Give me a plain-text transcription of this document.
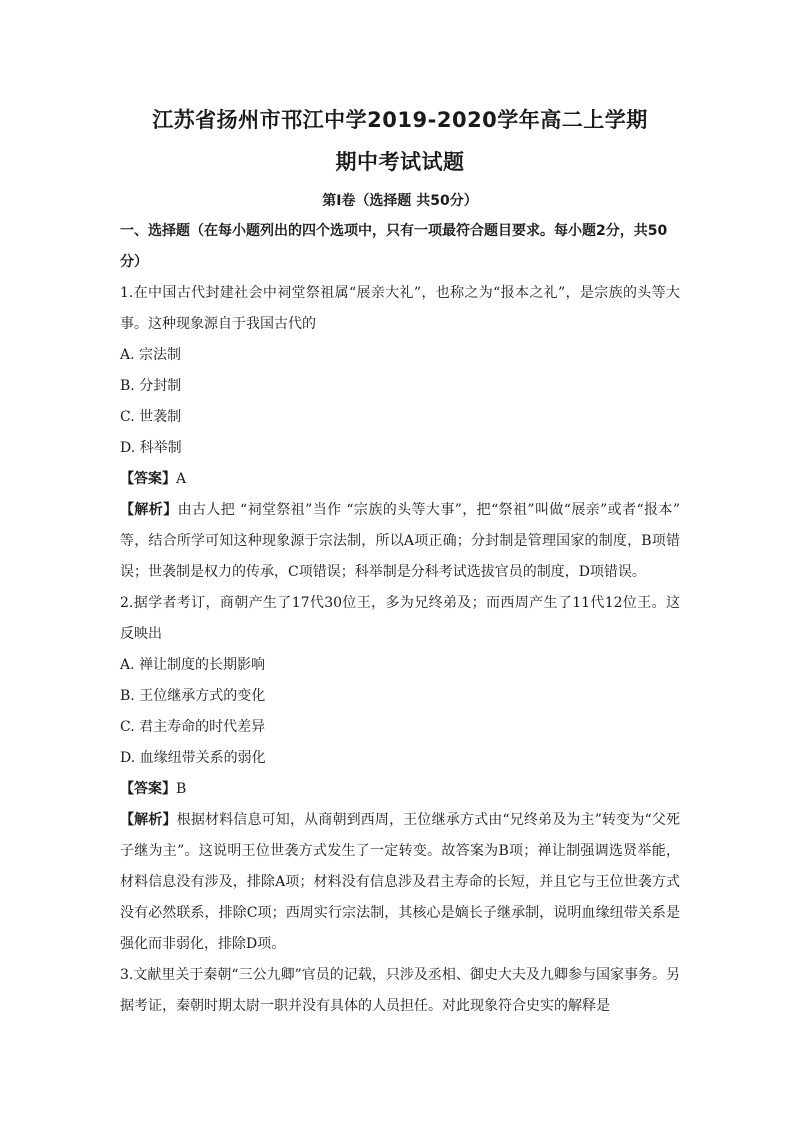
江苏省扬州市邗江中学2019-2020学年高二上学期
期中考试试题
第Ⅰ卷（选择题 共50分）
一、选择题（在每小题列出的四个选项中，只有一项最符合题目要求。每小题2分，共50分）
1.在中国古代封建社会中祠堂祭祖属“展亲大礼”，也称之为“报本之礼”，是宗族的头等大事。这种现象源自于我国古代的
A. 宗法制
B. 分封制
C. 世袭制
D. 科举制
【答案】A
【解析】由古人把 “祠堂祭祖”当作 “宗族的头等大事”，把“祭祖”叫做“展亲”或者“报本” 等，结合所学可知这种现象源于宗法制，所以A项正确；分封制是管理国家的制度，B项错误；世袭制是权力的传承，C项错误；科举制是分科考试选拔官员的制度，D项错误。
2.据学者考订，商朝产生了17代30位王，多为兄终弟及；而西周产生了11代12位王。这反映出
A. 禅让制度的长期影响
B. 王位继承方式的变化
C. 君主寿命的时代差异
D. 血缘纽带关系的弱化
【答案】B
【解析】根据材料信息可知，从商朝到西周，王位继承方式由“兄终弟及为主”转变为“父死子继为主”。这说明王位世袭方式发生了一定转变。故答案为B项；禅让制强调选贤举能，材料信息没有涉及，排除A项；材料没有信息涉及君主寿命的长短，并且它与王位世袭方式没有必然联系，排除C项；西周实行宗法制，其核心是嫡长子继承制，说明血缘纽带关系是强化而非弱化，排除D项。
3.文献里关于秦朝“三公九卿”官员的记载，只涉及丞相、御史大夫及九卿参与国家事务。另据考证，秦朝时期太尉一职并没有具体的人员担任。对此现象符合史实的解释是
